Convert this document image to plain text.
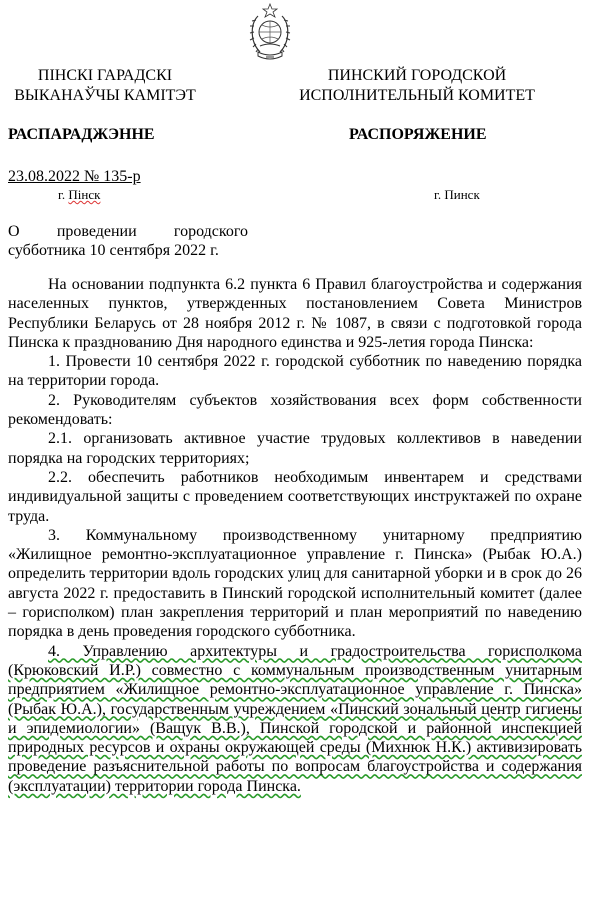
ПІНСКІ ГАРАДСКІ
ВЫКАНАЎЧЫ КАМІТЭТ
ПИНСКИЙ ГОРОДСКОЙ
ИСПОЛНИТЕЛЬНЫЙ КОМИТЕТ
РАСПАРАДЖЭННЕ	РАСПОРЯЖЕНИЕ
23.08.2022 № 135-р
г. Пінск	г. Пинск
О проведении городского субботника 10 сентября 2022 г.

На основании подпункта 6.2 пункта 6 Правил благоустройства и содержания населенных пунктов, утвержденных постановлением Совета Министров Республики Беларусь от 28 ноября 2012 г. № 1087, в связи с подготовкой города Пинска к празднованию Дня народного единства и 925-летия города Пинска:

1. Провести 10 сентября 2022 г. городской субботник по наведению порядка на территории города.

2. Руководителям субъектов хозяйствования всех форм собственности рекомендовать:

2.1. организовать активное участие трудовых коллективов в наведении порядка на городских территориях;

2.2. обеспечить работников необходимым инвентарем и средствами индивидуальной защиты с проведением соответствующих инструктажей по охране труда.

3. Коммунальному производственному унитарному предприятию «Жилищное ремонтно-эксплуатационное управление г. Пинска» (Рыбак Ю.А.) определить территории вдоль городских улиц для санитарной уборки и в срок до 26 августа 2022 г. предоставить в Пинский городской исполнительный комитет (далее – горисполком) план закрепления территорий и план мероприятий по наведению порядка в день проведения городского субботника.

4. Управлению архитектуры и градостроительства горисполкома (Крюковский И.Р.) совместно с коммунальным производственным унитарным предприятием «Жилищное ремонтно-эксплуатационное управление г. Пинска» (Рыбак Ю.А.), государственным учреждением «Пинский зональный центр гигиены и эпидемиологии» (Ващук В.В.), Пинской городской и районной инспекцией природных ресурсов и охраны окружающей среды (Михнюк Н.К.) активизировать проведение разъяснительной работы по вопросам благоустройства и содержания (эксплуатации) территории города Пинска.
